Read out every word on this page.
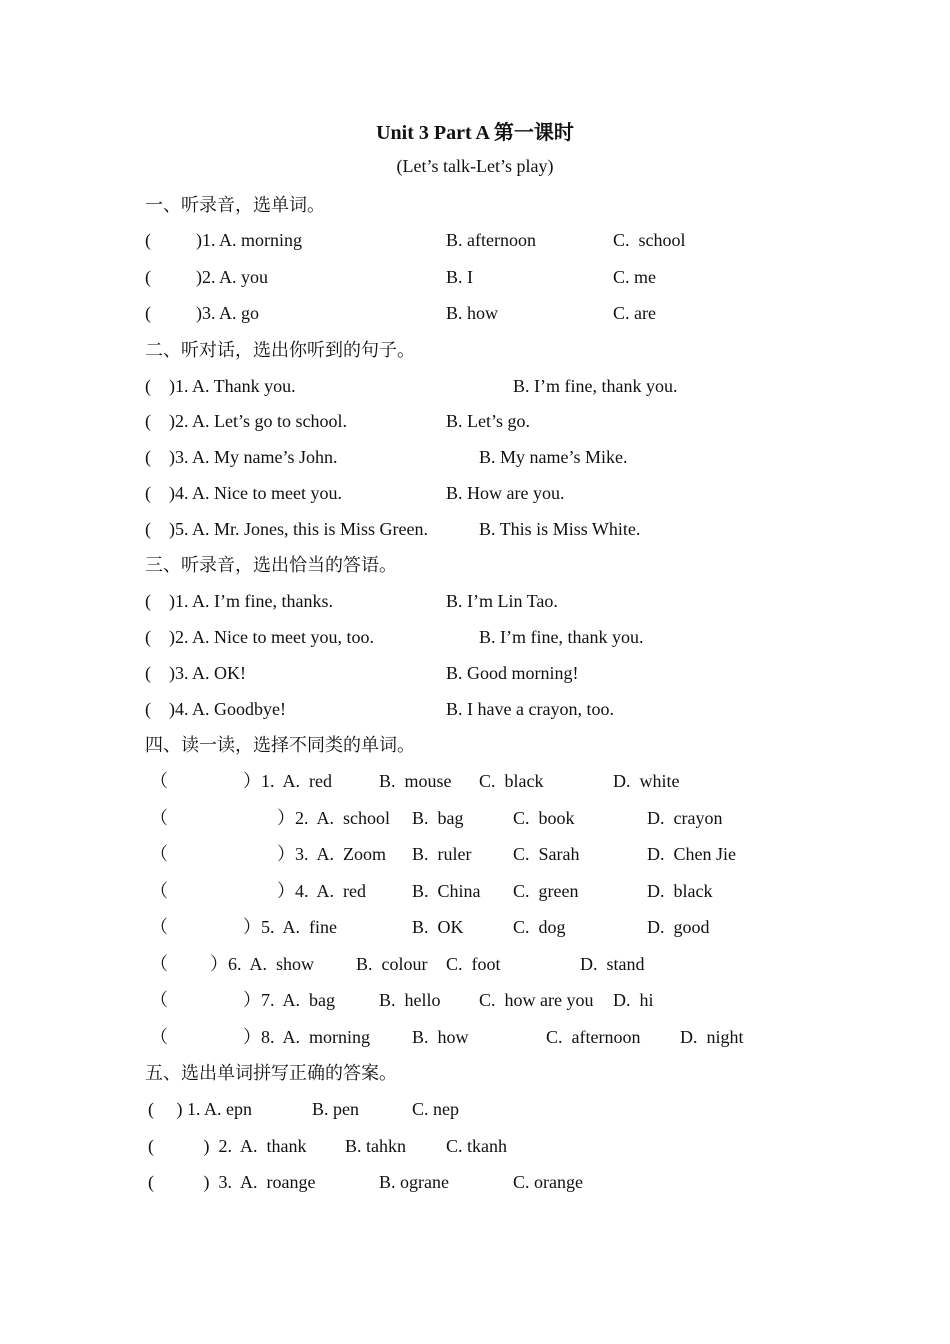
Unit 3 Part A 第一课时
(Let’s talk-Let’s play)
一、听录音，选单词。
(          )1. A. morning	B. afternoon	C.  school
(          )2. A. you	B. I	C. me
(          )3. A. go	B. how	C. are
二、听对话，选出你听到的句子。
(    )1. A. Thank you.	B. I’m fine, thank you.
(    )2. A. Let’s go to school.	B. Let’s go.
(    )3. A. My name’s John.	B. My name’s Mike.
(    )4. A. Nice to meet you.	B. How are you.
(    )5. A. Mr. Jones, this is Miss Green.	B. This is Miss White.
三、听录音，选出恰当的答语。
(    )1. A. I’m fine, thanks.	B. I’m Lin Tao.
(    )2. A. Nice to meet you, too.	B. I’m fine, thank you.
(    )3. A. OK!	B. Good morning!
(    )4. A. Goodbye!	B. I have a crayon, too.
四、读一读，选择不同类的单词。
（	）1.  A.  red	B.  mouse C.  black	D.  white
（	）2.  A.  school B.  bag	C.  book	D.  crayon
（	）3.  A.  Zoom B.  ruler C.  Sarah	D.  Chen Jie
（	）4.  A.  red	B.  China C.  green	D.  black
（	）5.  A.  fine	B.  OK	C.  dog	D.  good
（ ）6.  A.  show B.  colour C.  foot	D.  stand
（	）7.  A.  bag B.  hello C.  how are you D.  hi
（	）8.  A.  morning B.  how	C.  afternoon D.  night
五、选出单词拼写正确的答案。
(     ) 1. A. epn	B. pen	C. nep
(           )  2.  A.  thank B. tahkn C. tkanh
(           )  3.  A.  roange	B. ograne	C. orange
